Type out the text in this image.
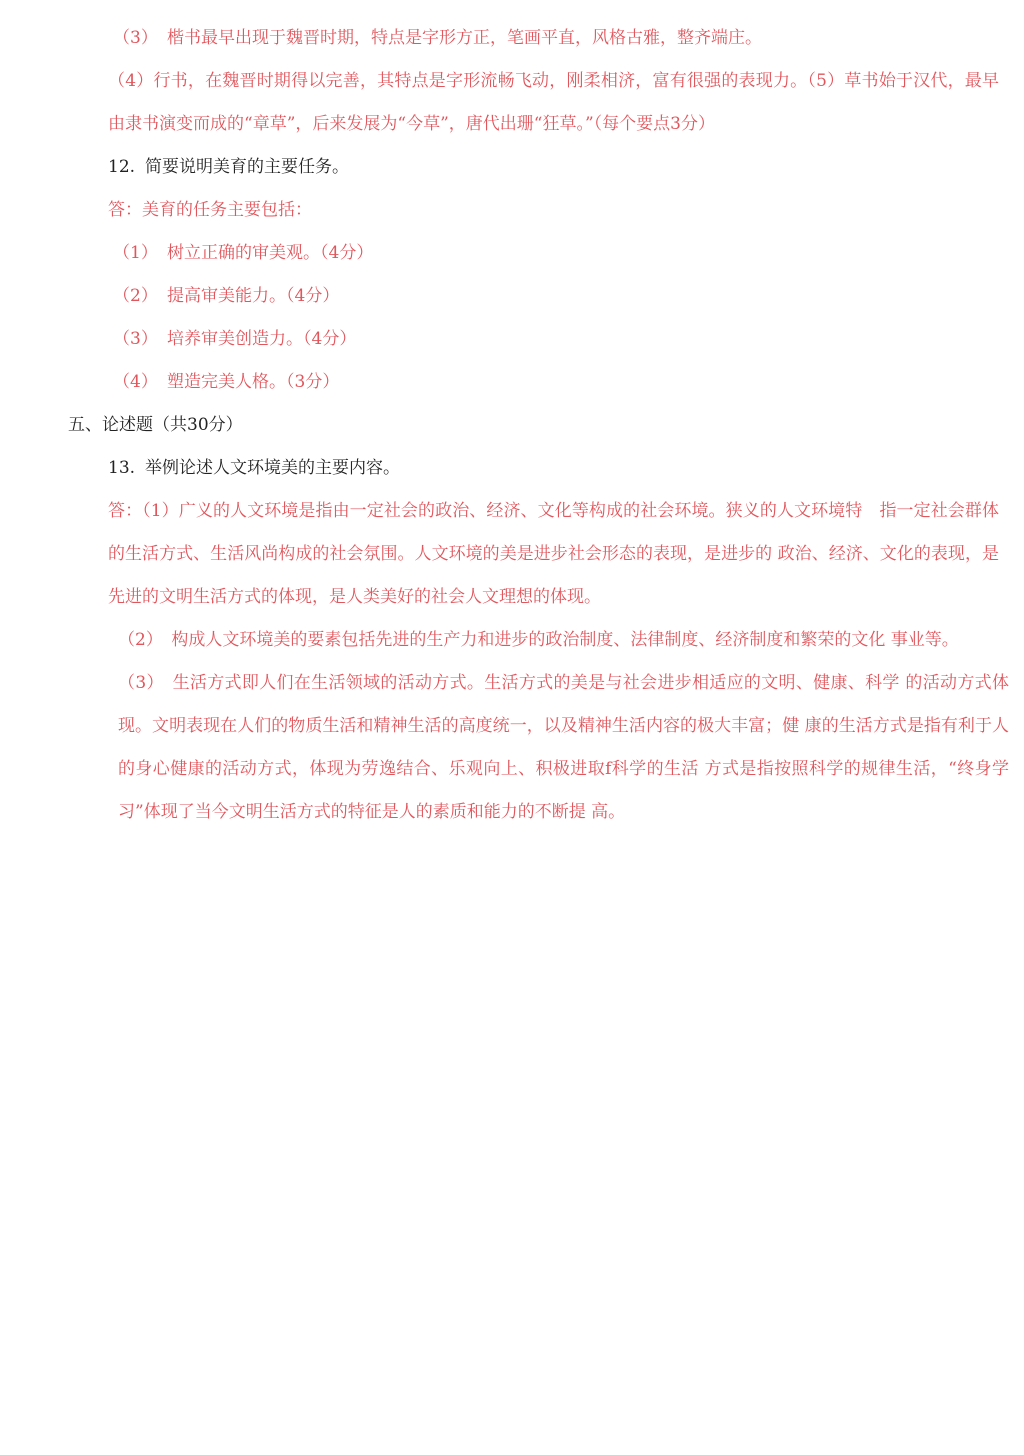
（3） 楷书最早出现于魏晋时期，特点是字形方正，笔画平直，风格古雅，整齐端庄。

（4）行书，在魏晋时期得以完善，其特点是字形流畅飞动，刚柔相济，富有很强的表现力。（5）草书始于汉代，最早由隶书演变而成的“章草”，后来发展为“今草”，唐代出珊“狂草。”（每个要点3分）

12. 简要说明美育的主要任务。

答：美育的任务主要包括：

（1） 树立正确的审美观。（4分）

（2） 提高审美能力。（4分）

（3） 培养审美创造力。（4分）

（4） 塑造完美人格。（3分）

五、论述题（共30分）

13. 举例论述人文环境美的主要内容。

答：（1）广义的人文环境是指由一定社会的政治、经济、文化等构成的社会环境。狭义的人文环境特　指一定社会群体的生活方式、生活风尚构成的社会氛围。人文环境的美是进步社会形态的表现，是进步的 政治、经济、文化的表现，是先进的文明生活方式的体现，是人类美好的社会人文理想的体现。

（2）　构成人文环境美的要素包括先进的生产力和进步的政治制度、法律制度、经济制度和繁荣的文化 事业等。

（3）　生活方式即人们在生活领域的活动方式。生活方式的美是与社会进步相适应的文明、健康、科学 的活动方式体现。文明表现在人们的物质生活和精神生活的高度统一，以及精神生活内容的极大丰富；健 康的生活方式是指有利于人的身心健康的活动方式，体现为劳逸结合、乐观向上、积极进取f科学的生活 方式是指按照科学的规律生活，“终身学习”体现了当今文明生活方式的特征是人的素质和能力的不断提 高。
